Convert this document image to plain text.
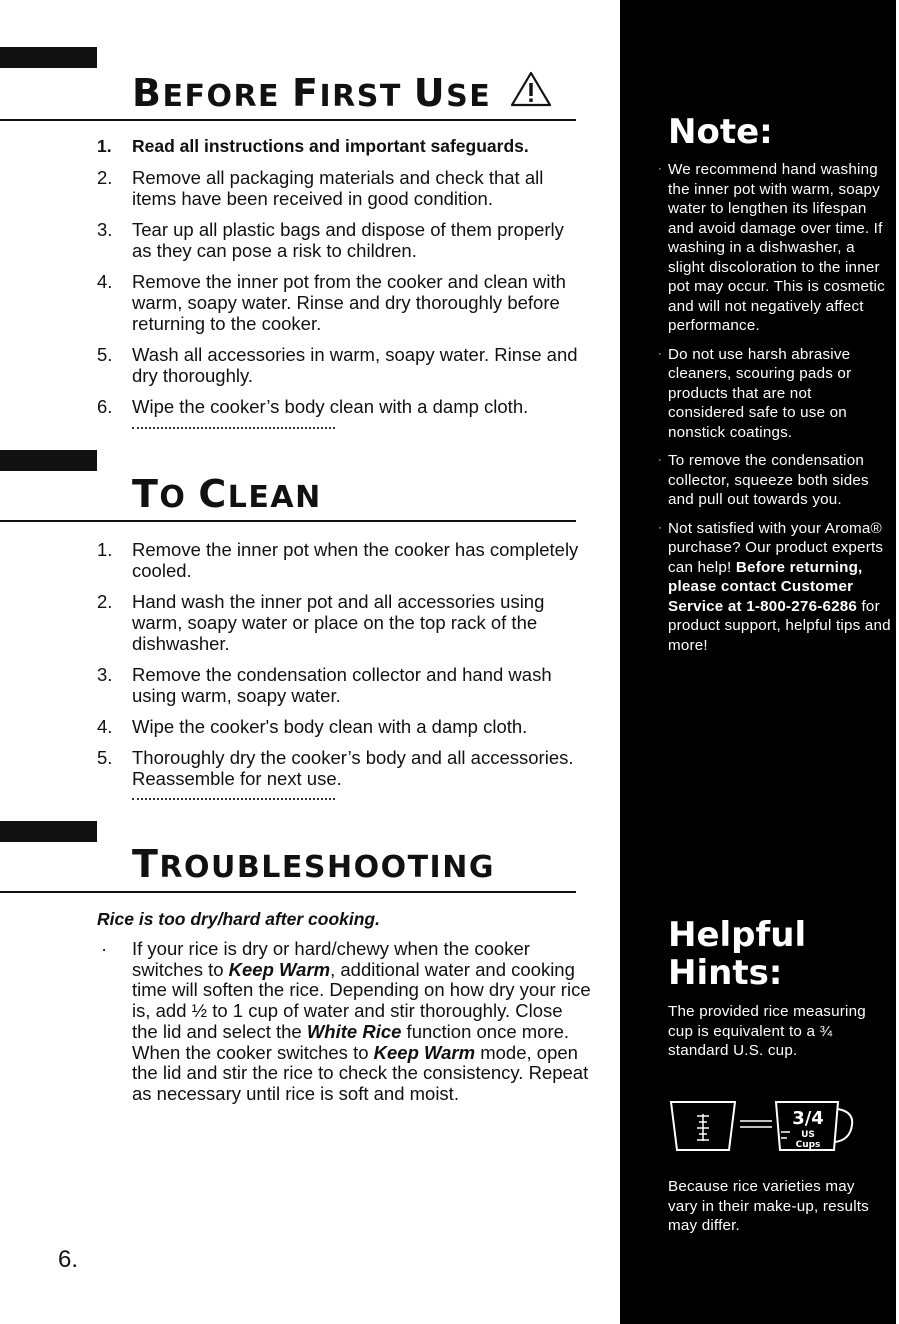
BEFORE FIRST USE
1. Read all instructions and important safeguards.
2. Remove all packaging materials and check that all items have been received in good condition.
3. Tear up all plastic bags and dispose of them properly as they can pose a risk to children.
4. Remove the inner pot from the cooker and clean with warm, soapy water. Rinse and dry thoroughly before returning to the cooker.
5. Wash all accessories in warm, soapy water. Rinse and dry thoroughly.
6. Wipe the cooker’s body clean with a damp cloth.
TO CLEAN
1. Remove the inner pot when the cooker has completely cooled.
2. Hand wash the inner pot and all accessories using warm, soapy water or place on the top rack of the dishwasher.
3. Remove the condensation collector and hand wash using warm, soapy water.
4. Wipe the cooker's body clean with a damp cloth.
5. Thoroughly dry the cooker’s body and all accessories. Reassemble for next use.
TROUBLESHOOTING

Rice is too dry/hard after cooking.

· If your rice is dry or hard/chewy when the cooker switches to Keep Warm, additional water and cooking time will soften the rice. Depending on how dry your rice is, add ½ to 1 cup of water and stir thoroughly. Close the lid and select the White Rice function once more. When the cooker switches to Keep Warm mode, open the lid and stir the rice to check the consistency. Repeat as necessary until rice is soft and moist.

6.

Note:
· We recommend hand washing the inner pot with warm, soapy water to lengthen its lifespan and avoid damage over time. If washing in a dishwasher, a slight discoloration to the inner pot may occur. This is cosmetic and will not negatively affect performance.
· Do not use harsh abrasive cleaners, scouring pads or products that are not considered safe to use on nonstick coatings.
· To remove the condensation collector, squeeze both sides and pull out towards you.
· Not satisfied with your Aroma® purchase? Our product experts can help! Before returning, please contact Customer Service at 1-800-276-6286 for product support, helpful tips and more!
Helpful
Hints:

The provided rice measuring cup is equivalent to a ¾ standard U.S. cup.

3/4
US
Cups

Because rice varieties may vary in their make-up, results may differ.
